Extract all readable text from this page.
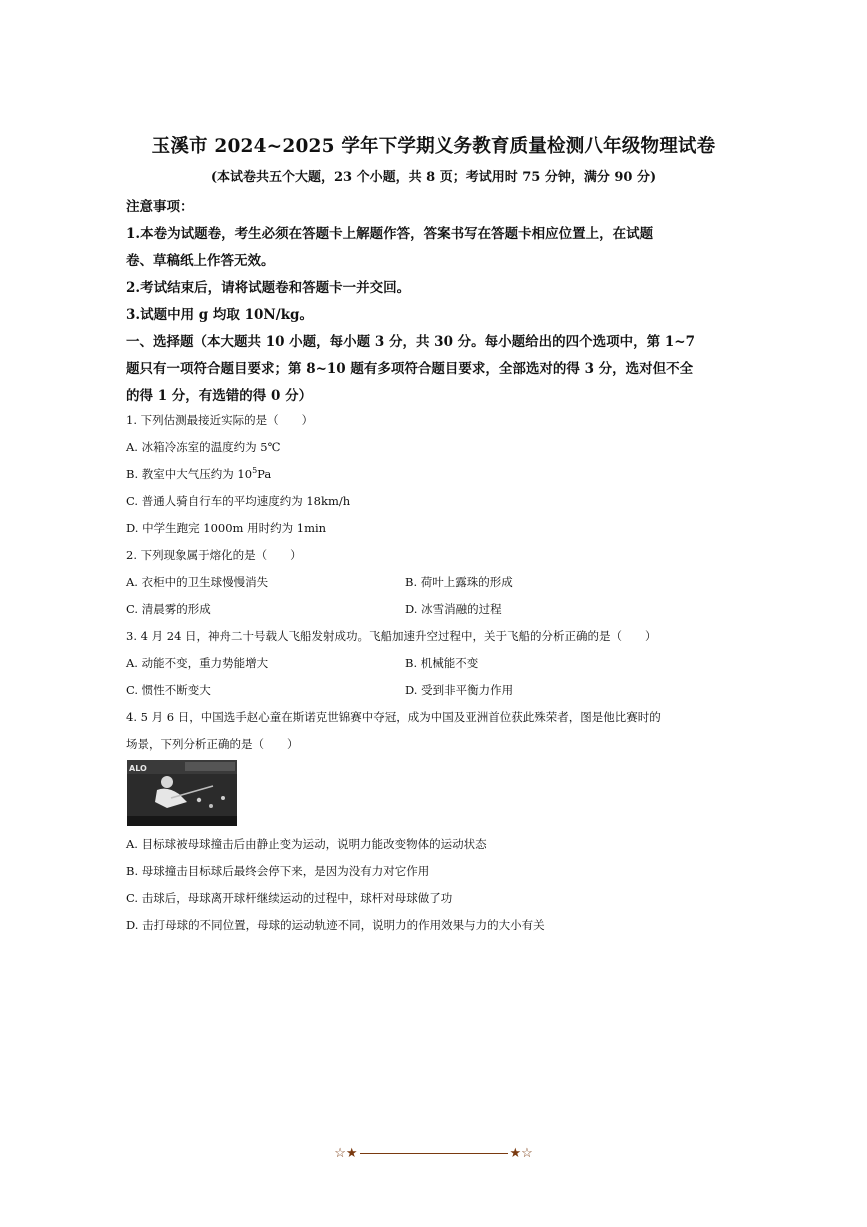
玉溪市 2024~2025 学年下学期义务教育质量检测八年级物理试卷
(本试卷共五个大题，23 个小题，共 8 页；考试用时 75 分钟，满分 90 分)
注意事项：
1.本卷为试题卷，考生必须在答题卡上解题作答，答案书写在答题卡相应位置上，在试题
卷、草稿纸上作答无效。
2.考试结束后，请将试题卷和答题卡一并交回。
3.试题中用 g 均取 10N/kg。
一、选择题（本大题共 10 小题，每小题 3 分，共 30 分。每小题给出的四个选项中，第 1~7
题只有一项符合题目要求；第 8~10 题有多项符合题目要求，全部选对的得 3 分，选对但不全
的得 1 分，有选错的得 0 分）
1. 下列估测最接近实际的是（　　）
A. 冰箱冷冻室的温度约为 5℃
B. 教室中大气压约为 $10^5Pa$
C. 普通人骑自行车的平均速度约为 18km/h
D. 中学生跑完 1000m 用时约为 1min
2. 下列现象属于熔化的是（　　）
A. 衣柜中的卫生球慢慢消失	B. 荷叶上露珠的形成
C. 清晨雾的形成	D. 冰雪消融的过程
3. 4 月 24 日，神舟二十号载人飞船发射成功。飞船加速升空过程中，关于飞船的分析正确的是（　　）
A. 动能不变，重力势能增大	B. 机械能不变
C. 惯性不断变大	D. 受到非平衡力作用
4. 5 月 6 日，中国选手赵心童在斯诺克世锦赛中夺冠，成为中国及亚洲首位获此殊荣者，图是他比赛时的
场景，下列分析正确的是（　　）
ALO
A. 目标球被母球撞击后由静止变为运动，说明力能改变物体的运动状态
B. 母球撞击目标球后最终会停下来，是因为没有力对它作用
C. 击球后，母球离开球杆继续运动的过程中，球杆对母球做了功
D. 击打母球的不同位置，母球的运动轨迹不同，说明力的作用效果与力的大小有关
☆★	★☆
